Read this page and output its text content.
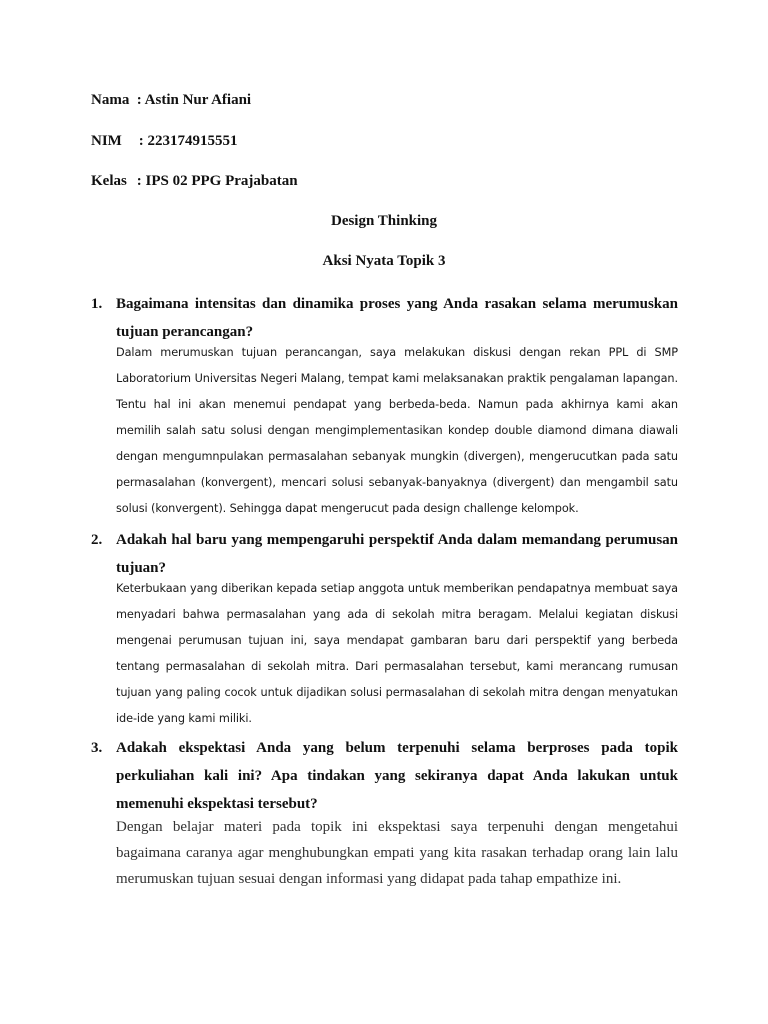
Nama : Astin Nur Afiani
NIM : 223174915551
Kelas : IPS 02 PPG Prajabatan
Design Thinking
Aksi Nyata Topik 3
1. Bagaimana intensitas dan dinamika proses yang Anda rasakan selama merumuskan tujuan perancangan?
Dalam merumuskan tujuan perancangan, saya melakukan diskusi dengan rekan PPL di SMP Laboratorium Universitas Negeri Malang, tempat kami melaksanakan praktik pengalaman lapangan. Tentu hal ini akan menemui pendapat yang berbeda-beda. Namun pada akhirnya kami akan memilih salah satu solusi dengan mengimplementasikan kondep double diamond dimana diawali dengan mengumnpulakan permasalahan sebanyak mungkin (divergen), mengerucutkan pada satu permasalahan (konvergent), mencari solusi sebanyak-banyaknya (divergent) dan mengambil satu solusi (konvergent). Sehingga dapat mengerucut pada design challenge kelompok.
2. Adakah hal baru yang mempengaruhi perspektif Anda dalam memandang perumusan tujuan?
Keterbukaan yang diberikan kepada setiap anggota untuk memberikan pendapatnya membuat saya menyadari bahwa permasalahan yang ada di sekolah mitra beragam. Melalui kegiatan diskusi mengenai perumusan tujuan ini, saya mendapat gambaran baru dari perspektif yang berbeda tentang permasalahan di sekolah mitra. Dari permasalahan tersebut, kami merancang rumusan tujuan yang paling cocok untuk dijadikan solusi permasalahan di sekolah mitra dengan menyatukan ide-ide yang kami miliki.
3. Adakah ekspektasi Anda yang belum terpenuhi selama berproses pada topik perkuliahan kali ini? Apa tindakan yang sekiranya dapat Anda lakukan untuk memenuhi ekspektasi tersebut?
Dengan belajar materi pada topik ini ekspektasi saya terpenuhi dengan mengetahui bagaimana caranya agar menghubungkan empati yang kita rasakan terhadap orang lain lalu merumuskan tujuan sesuai dengan informasi yang didapat pada tahap empathize ini.
